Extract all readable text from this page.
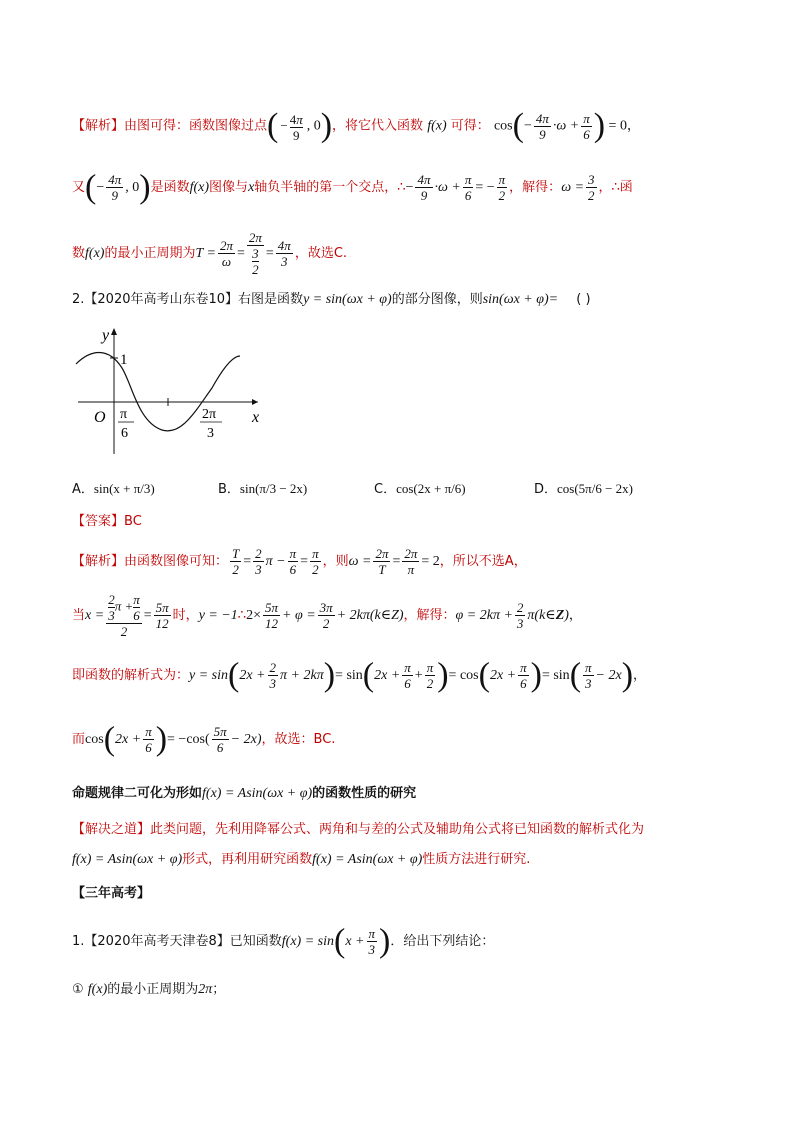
【解析】由图可得：函数图像过点( − $\frac{4\pi}{9}$ , 0)，将它代入函数 f(x) 可得： $\cos(- \frac{4\pi}{9} \cdot\omega + \frac{\pi}{6}$ ) = 0，
又(− $\frac{4\pi}{9}$ , 0)是函数f(x)图像与x轴负半轴的第一个交点，∴− $\frac{4\pi}{9} \cdot\omega + \frac{\pi}{6}$ = − $\frac{\pi}{2}$ ，解得：$\omega = \frac{3}{2}$ ，∴函
数f(x)的最小正周期为$T = \frac{2\pi}{\omega} = \frac{2\pi}{\frac{3}{2}} = \frac{4\pi}{3}$ ，故选C.
2.【2020年高考山东卷10】右图是函数y = sin(ωx + φ)的部分图像，则sin(ωx + φ)= ( )
y
x
O
1
π
6
2π
3
A．sin(x + π/3)	B．sin(π/3 − 2x)	C．cos(2x + π/6)	D．cos(5π/6 − 2x)
【答案】BC
【解析】由函数图像可知： $\frac{T}{2} = \frac{2}{3}$ $\pi - \frac{\pi}{6} = \frac{\pi}{2}$ ，则$\omega = \frac{2\pi}{T} = \frac{2\pi}{\pi} = 2$，所以不选A，
当$x = \frac{\frac{2}{3} \pi + \frac{\pi}{6}}{2} = \frac{5\pi}{12}$ 时，y = −1∴2× $\frac{5\pi}{12} + \varphi = \frac{3\pi}{2}$ + 2kπ(k∈Z)，解得：$\varphi = 2k\pi + \frac{2}{3}$ π(k∈Z)，
即函数的解析式为：$y = \sin(2x + \frac{2}{3}$ $\pi + 2k\pi)= \sin(2x + \frac{\pi}{6} + \frac{\pi}{2}$ )= $\cos(2x + \frac{\pi}{6}$ )= $\sin( \frac{\pi}{3} - 2x)$，
而$\cos(2x + \frac{\pi}{6}$ )= $-\cos( \frac{5\pi}{6} - 2x)$，故选：BC.
命题规律二可化为形如f(x) = Asin(ωx + φ)的函数性质的研究
【解决之道】此类问题，先利用降幂公式、两角和与差的公式及辅助角公式将已知函数的解析式化为
f(x) = Asin(ωx + φ)形式，再利用研究函数f(x) = Asin(ωx + φ)性质方法进行研究.
【三年高考】
1.【2020年高考天津卷8】已知函数$f(x) = \sin(x + \frac{\pi}{3}$ )．给出下列结论：
① f(x)的最小正周期为2π；
